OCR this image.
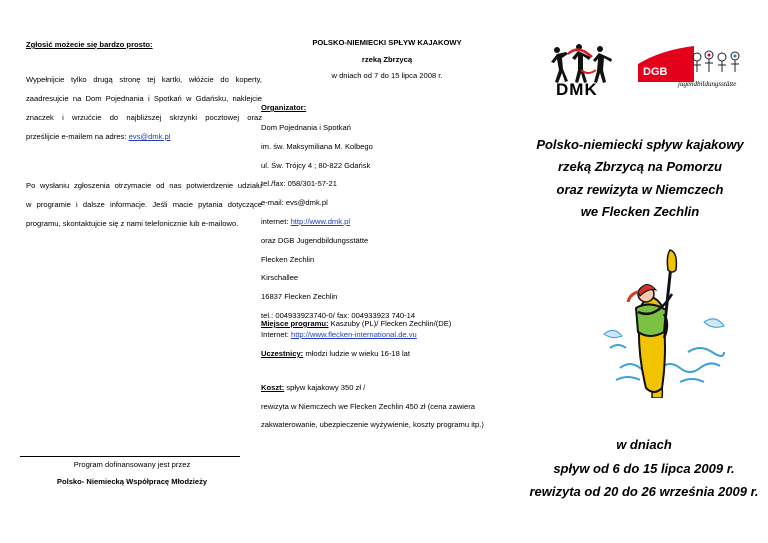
Zgłosić możecie się bardzo prosto:

Wypełnijcie tylko drugą stronę tej kartki, włóżcie do koperty,
zaadresujcie na Dom Pojednania i Spotkań w Gdańsku, naklejcie
znaczek i wrzućcie do najbliższej skrzynki pocztowej oraz
prześlijcie e-mailem na adres: evs@dmk.pl
Po wysłaniu zgłoszenia otrzymacie od nas potwierdzenie udziału
w programie i dalsze informacje. Jeśli macie pytania dotyczące
programu, skontaktujcie się z nami telefonicznie lub e-mailowo.

Program dofinansowany jest przez

Polsko- Niemiecką Współpracę Młodzieży

POLSKO-NIEMIECKI SPŁYW KAJAKOWY

rzeką Zbrzycą

w dniach od 7 do 15 lipca 2008 r.

Organizator:

Dom Pojednania i Spotkań
im. św. Maksymiliana M. Kolbego
ul. Św. Trójcy 4 ; 80-822 Gdańsk
tel./fax: 058/301-57-21
e-mail: evs@dmk.pl
internet: http://www.dmk.pl
oraz DGB Jugendbildungsstätte
Flecken Zechlin
Kirschallee
16837 Flecken Zechlin
tel.: 004933923740-0/ fax: 004933923 740-14
Internet: http://www.flecken-international.de.vu

Miejsce programu: Kaszuby (PL)/ Flecken Zechlin/(DE)

Uczestnicy: młodzi ludzie w wieku 16-18 lat

Koszt: spływ kajakowy 350 zł /
rewizyta w Niemczech we Flecken Zechlin 450 zł (cena zawiera
zakwaterowanie, ubezpieczenie wyżywienie, koszty programu itp.)
DMK
DGB
jugendbildungsstätte
Polsko-niemiecki spływ kajakowy
rzeką Zbrzycą na Pomorzu
oraz rewizyta w Niemczech
we Flecken Zechlin
w dniach
spływ od 6 do 15 lipca 2009 r.
rewizyta od 20 do 26 września 2009 r.
